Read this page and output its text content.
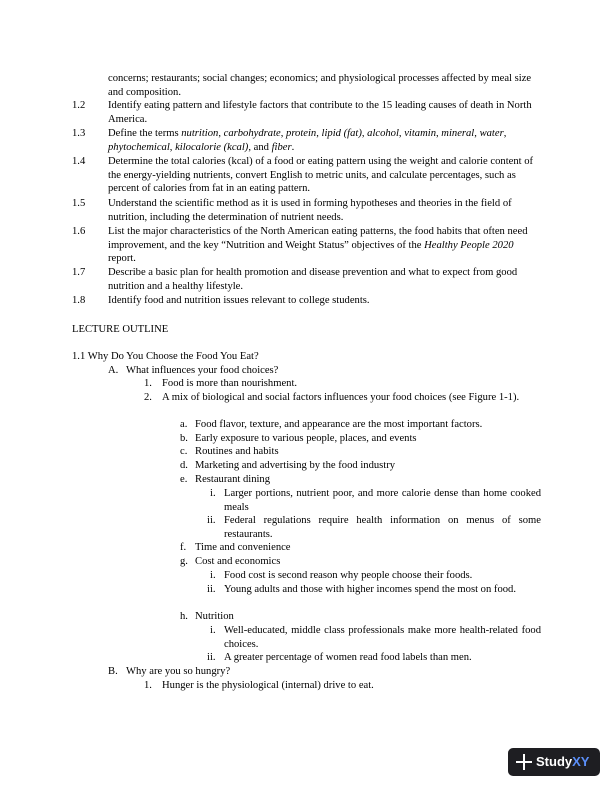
concerns; restaurants; social changes; economics; and physiological processes affected by meal size and composition.
1.2 Identify eating pattern and lifestyle factors that contribute to the 15 leading causes of death in North America.
1.3 Define the terms nutrition, carbohydrate, protein, lipid (fat), alcohol, vitamin, mineral, water, phytochemical, kilocalorie (kcal), and fiber.
1.4 Determine the total calories (kcal) of a food or eating pattern using the weight and calorie content of the energy-yielding nutrients, convert English to metric units, and calculate percentages, such as percent of calories from fat in an eating pattern.
1.5 Understand the scientific method as it is used in forming hypotheses and theories in the field of nutrition, including the determination of nutrient needs.
1.6 List the major characteristics of the North American eating patterns, the food habits that often need improvement, and the key “Nutrition and Weight Status” objectives of the Healthy People 2020 report.
1.7 Describe a basic plan for health promotion and disease prevention and what to expect from good nutrition and a healthy lifestyle.
1.8 Identify food and nutrition issues relevant to college students.
LECTURE OUTLINE
1.1 Why Do You Choose the Food You Eat?
A. What influences your food choices?
1. Food is more than nourishment.
2. A mix of biological and social factors influences your food choices (see Figure 1-1).
a. Food flavor, texture, and appearance are the most important factors.
b. Early exposure to various people, places, and events
c. Routines and habits
d. Marketing and advertising by the food industry
e. Restaurant dining
i. Larger portions, nutrient poor, and more calorie dense than home cooked meals
ii. Federal regulations require health information on menus of some restaurants.
f. Time and convenience
g. Cost and economics
i. Food cost is second reason why people choose their foods.
ii. Young adults and those with higher incomes spend the most on food.
h. Nutrition
i. Well-educated, middle class professionals make more health-related food choices.
ii. A greater percentage of women read food labels than men.
B. Why are you so hungry?
1. Hunger is the physiological (internal) drive to eat.
StudyXY
